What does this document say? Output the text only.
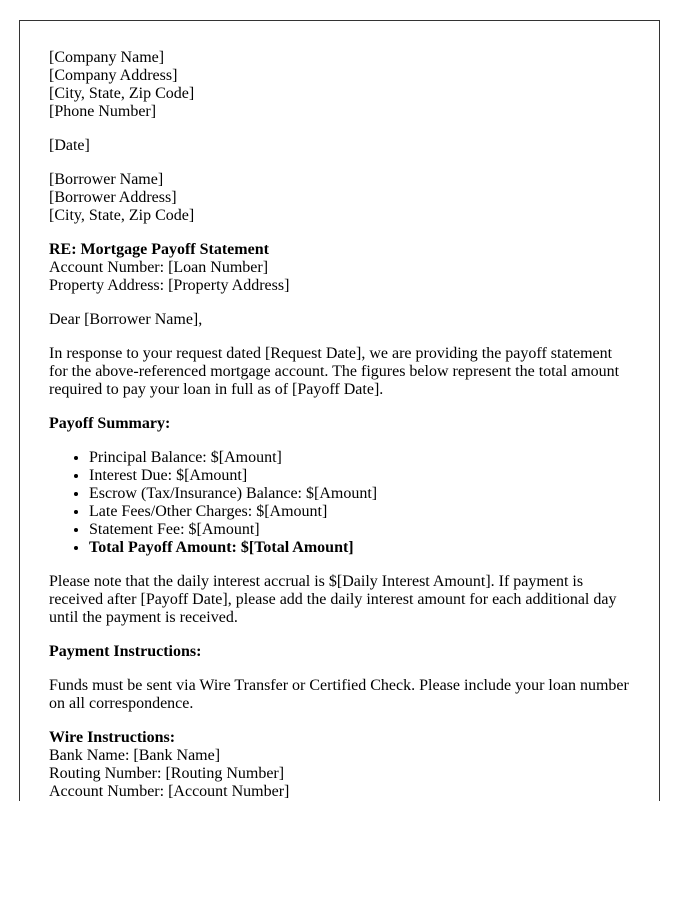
[Company Name]
[Company Address]
[City, State, Zip Code]
[Phone Number]

[Date]

[Borrower Name]
[Borrower Address]
[City, State, Zip Code]

RE: Mortgage Payoff Statement
Account Number: [Loan Number]
Property Address: [Property Address]

Dear [Borrower Name],

In response to your request dated [Request Date], we are providing the payoff statement for the above-referenced mortgage account. The figures below represent the total amount required to pay your loan in full as of [Payoff Date].

Payoff Summary:

• Principal Balance: $[Amount]
• Interest Due: $[Amount]
• Escrow (Tax/Insurance) Balance: $[Amount]
• Late Fees/Other Charges: $[Amount]
• Statement Fee: $[Amount]
• Total Payoff Amount: $[Total Amount]

Please note that the daily interest accrual is $[Daily Interest Amount]. If payment is received after [Payoff Date], please add the daily interest amount for each additional day until the payment is received.

Payment Instructions:

Funds must be sent via Wire Transfer or Certified Check. Please include your loan number on all correspondence.

Wire Instructions:
Bank Name: [Bank Name]
Routing Number: [Routing Number]
Account Number: [Account Number]
